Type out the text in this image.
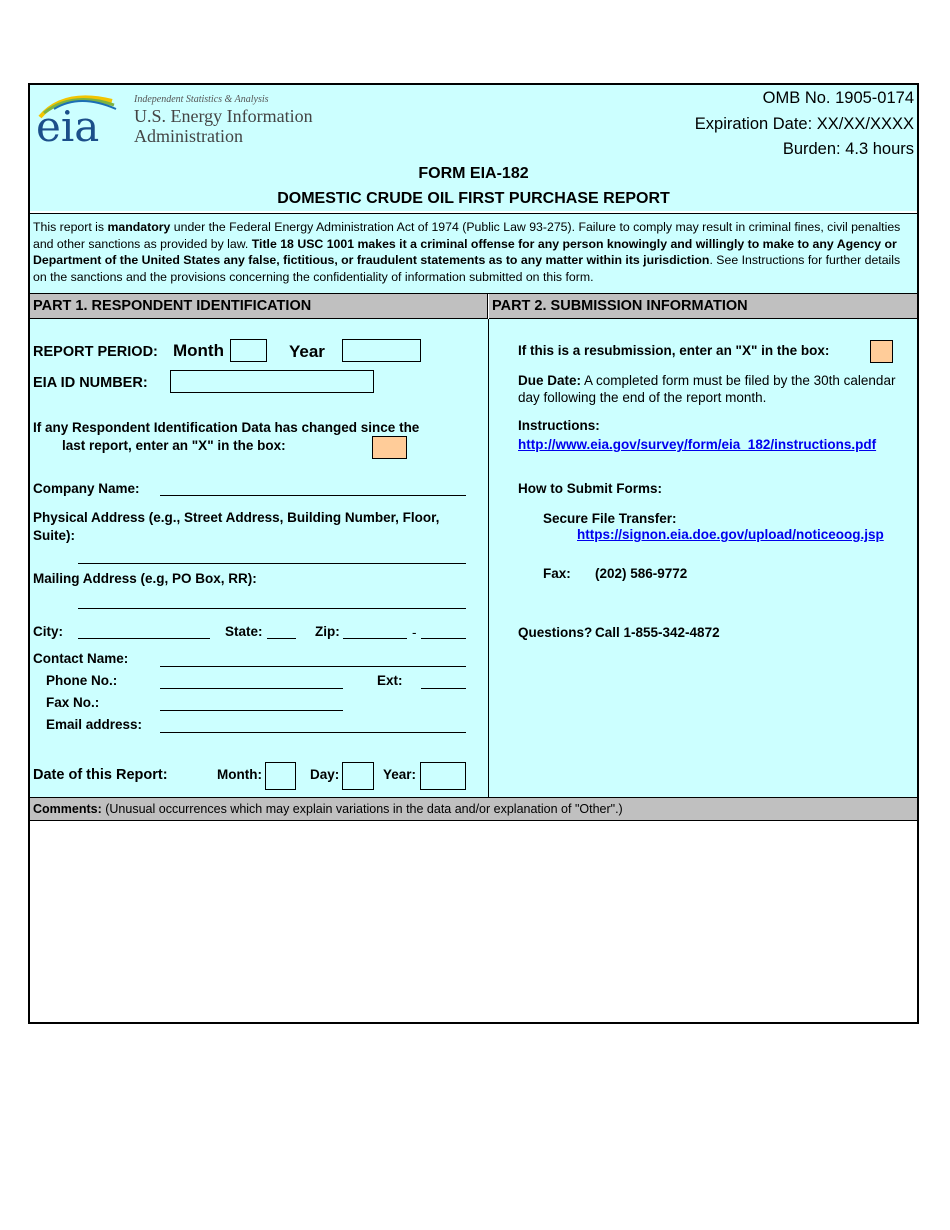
eia
Independent Statistics & Analysis
U.S. Energy Information
Administration
OMB No. 1905-0174
Expiration Date: XX/XX/XXXX
Burden: 4.3 hours
FORM EIA-182
DOMESTIC CRUDE OIL FIRST PURCHASE REPORT

This report is mandatory under the Federal Energy Administration Act of 1974 (Public Law 93-275). Failure to comply may result in criminal fines, civil penalties and other sanctions as provided by law. Title 18 USC 1001 makes it a criminal offense for any person knowingly and willingly to make to any Agency or Department of the United States any false, fictitious, or fraudulent statements as to any matter within its jurisdiction. See Instructions for further details on the sanctions and the provisions concerning the confidentiality of information submitted on this form.

PART 1. RESPONDENT IDENTIFICATION	PART 2. SUBMISSION INFORMATION
REPORT PERIOD: Month	Year
EIA ID NUMBER:
If any Respondent Identification Data has changed since the
last report, enter an "X" in the box:
Company Name:
Physical Address (e.g., Street Address, Building Number, Floor,
Suite):
Mailing Address (e.g, PO Box, RR):
City:	State:	Zip:	-
Contact Name:
Phone No.:	Ext:
Fax No.:
Email address:
Date of this Report:	Month:	Day:	Year:
If this is a resubmission, enter an "X" in the box:
Due Date: A completed form must be filed by the 30th calendar
day following the end of the report month.
Instructions:
http://www.eia.gov/survey/form/eia_182/instructions.pdf
How to Submit Forms:
Secure File Transfer:
https://signon.eia.doe.gov/upload/noticeoog.jsp
Fax: (202) 586-9772
Questions? Call 1-855-342-4872
Comments: (Unusual occurrences which may explain variations in the data and/or explanation of "Other".)
